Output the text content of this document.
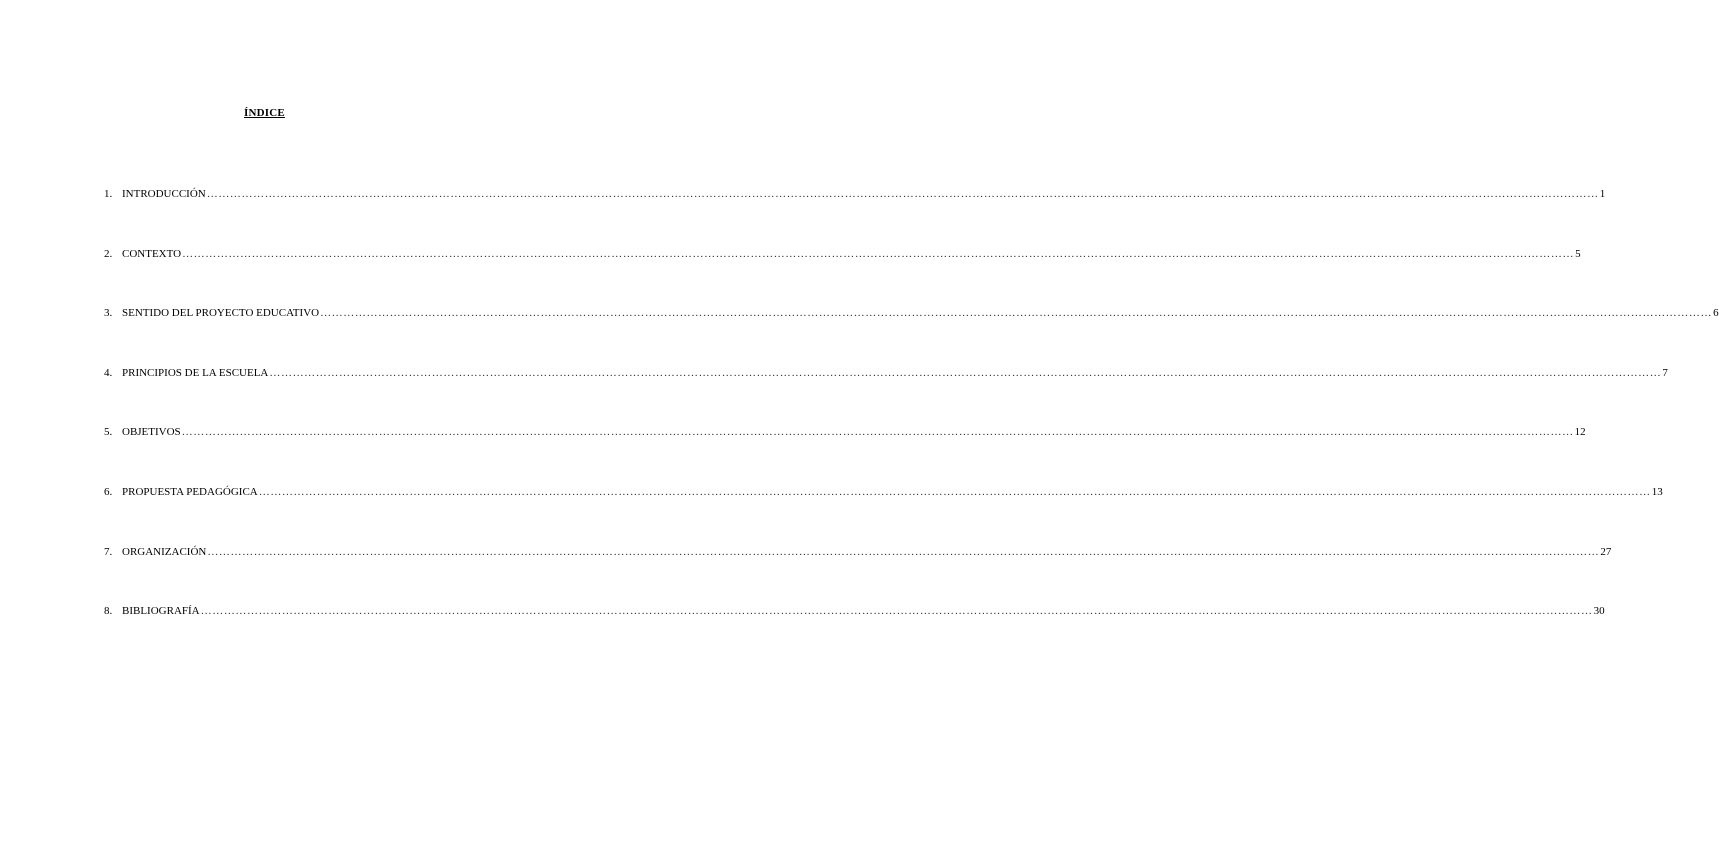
ÍNDICE
1. INTRODUCCIÓN ……………………………………………………………………………………………………………………………………………………………………………………………………………………………………………………………………………………………………………………………… 1
2. CONTEXTO ……………………………………………………………………………………………………………………………………………………………………………………………………………………………………………………………………………………………………………………………… 5
3. SENTIDO DEL PROYECTO EDUCATIVO ……………………………………………………………………………………………………………………………………………………………………………………………………………………………………………………………………………………………………………………………… 6
4. PRINCIPIOS DE LA ESCUELA ……………………………………………………………………………………………………………………………………………………………………………………………………………………………………………………………………………………………………………………………… 7
5. OBJETIVOS ……………………………………………………………………………………………………………………………………………………………………………………………………………………………………………………………………………………………………………………………… 12
6. PROPUESTA PEDAGÓGICA ……………………………………………………………………………………………………………………………………………………………………………………………………………………………………………………………………………………………………………………………… 13
7. ORGANIZACIÓN ……………………………………………………………………………………………………………………………………………………………………………………………………………………………………………………………………………………………………………………………… 27
8. BIBLIOGRAFÍA ……………………………………………………………………………………………………………………………………………………………………………………………………………………………………………………………………………………………………………………………… 30
